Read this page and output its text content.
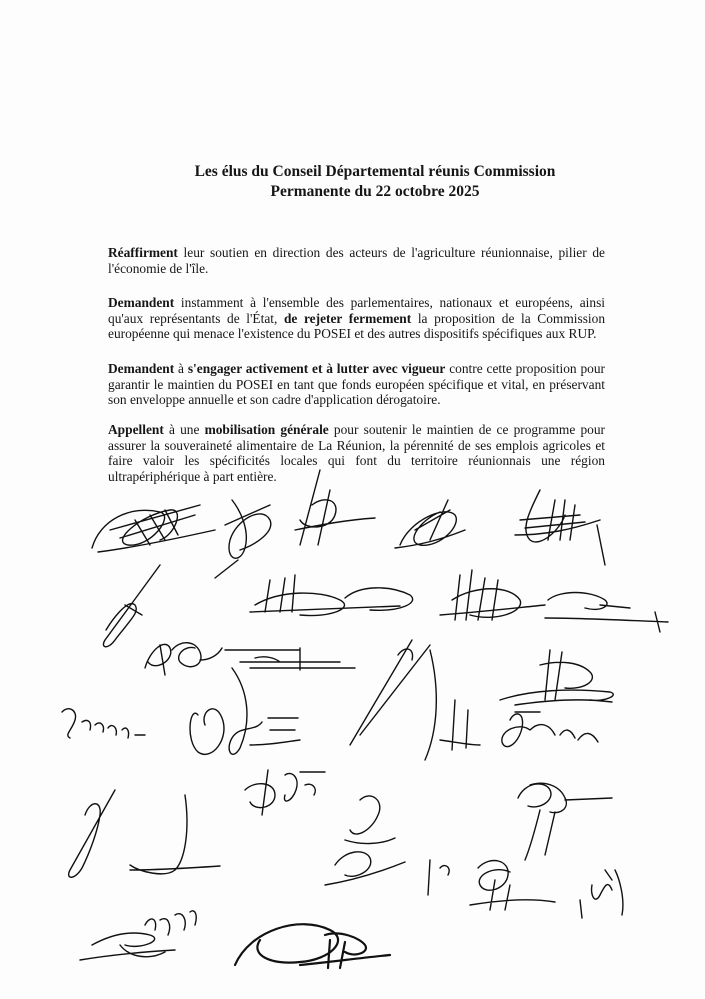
Les élus du Conseil Départemental réunis Commission
Permanente du 22 octobre 2025
Réaffirment leur soutien en direction des acteurs de l'agriculture réunionnaise, pilier de l'économie de l'île.
Demandent instamment à l'ensemble des parlementaires, nationaux et européens, ainsi qu'aux représentants de l'État, de rejeter fermement la proposition de la Commission européenne qui menace l'existence du POSEI et des autres dispositifs spécifiques aux RUP.
Demandent à s'engager activement et à lutter avec vigueur contre cette proposition pour garantir le maintien du POSEI en tant que fonds européen spécifique et vital, en préservant son enveloppe annuelle et son cadre d'application dérogatoire.
Appellent à une mobilisation générale pour soutenir le maintien de ce programme pour assurer la souveraineté alimentaire de La Réunion, la pérennité de ses emplois agricoles et faire valoir les spécificités locales qui font du territoire réunionnais une région ultrapériphérique à part entière.
